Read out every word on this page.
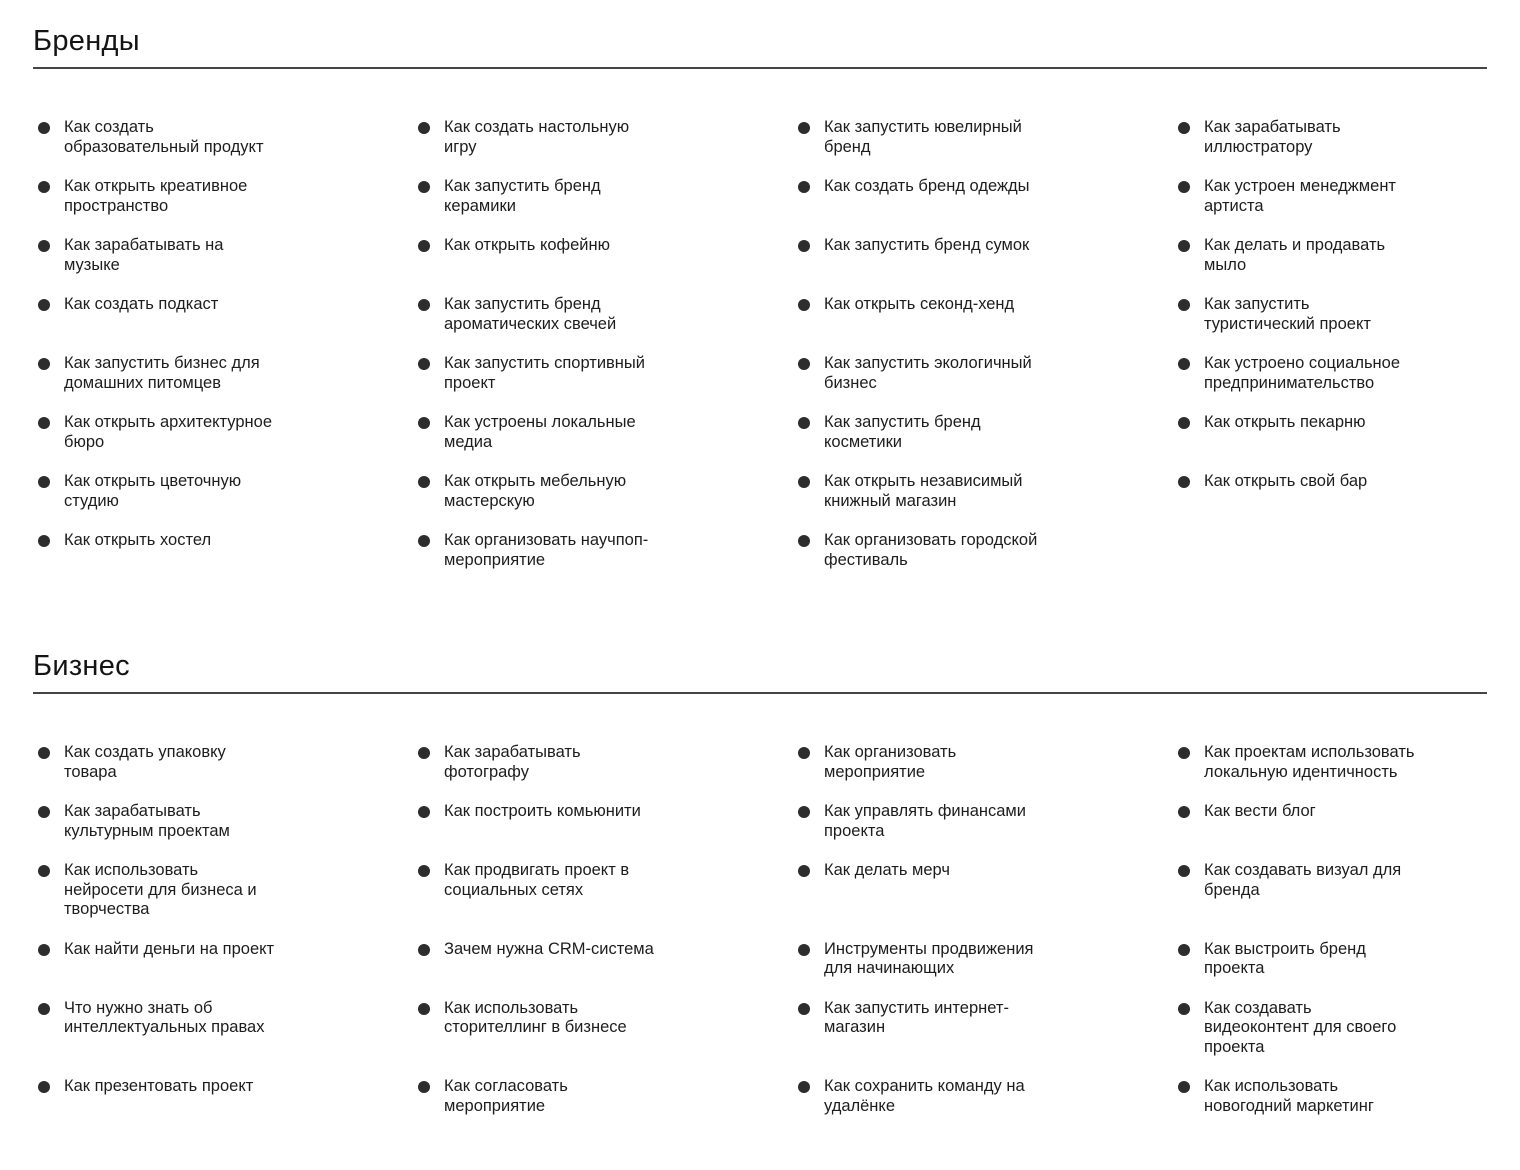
Бренды
Как создать образовательный продукт
Как создать настольную игру
Как запустить ювелирный бренд
Как зарабатывать иллюстратору
Как открыть креативное пространство
Как запустить бренд керамики
Как создать бренд одежды	Как устроен менеджмент артиста
Как зарабатывать на музыке
Как открыть кофейню	Как запустить бренд сумок	Как делать и продавать мыло
Как создать подкаст	Как запустить бренд ароматических свечей
Как открыть секонд-хенд	Как запустить туристический проект
Как запустить бизнес для домашних питомцев
Как запустить спортивный проект
Как запустить экологичный бизнес
Как устроено социальное предпринимательство
Как открыть архитектурное бюро
Как устроены локальные медиа
Как запустить бренд косметики
Как открыть пекарню
Как открыть цветочную студию
Как открыть мебельную мастерскую
Как открыть независимый книжный магазин
Как открыть свой бар
Как открыть хостел	Как организовать научпоп-мероприятие
Как организовать городской фестиваль
Бизнес
Как создать упаковку товара
Как зарабатывать фотографу
Как организовать мероприятие
Как проектам использовать локальную идентичность
Как зарабатывать культурным проектам
Как построить комьюнити	Как управлять финансами проекта
Как вести блог
Как использовать нейросети для бизнеса и творчества
Как продвигать проект в социальных сетях
Как делать мерч	Как создавать визуал для бренда
Как найти деньги на проект	Зачем нужна CRM-система	Инструменты продвижения для начинающих
Как выстроить бренд проекта
Что нужно знать об интеллектуальных правах
Как использовать сторителлинг в бизнесе
Как запустить интернет-магазин
Как создавать видеоконтент для своего проекта
Как презентовать проект	Как согласовать мероприятие
Как сохранить команду на удалёнке
Как использовать новогодний маркетинг
